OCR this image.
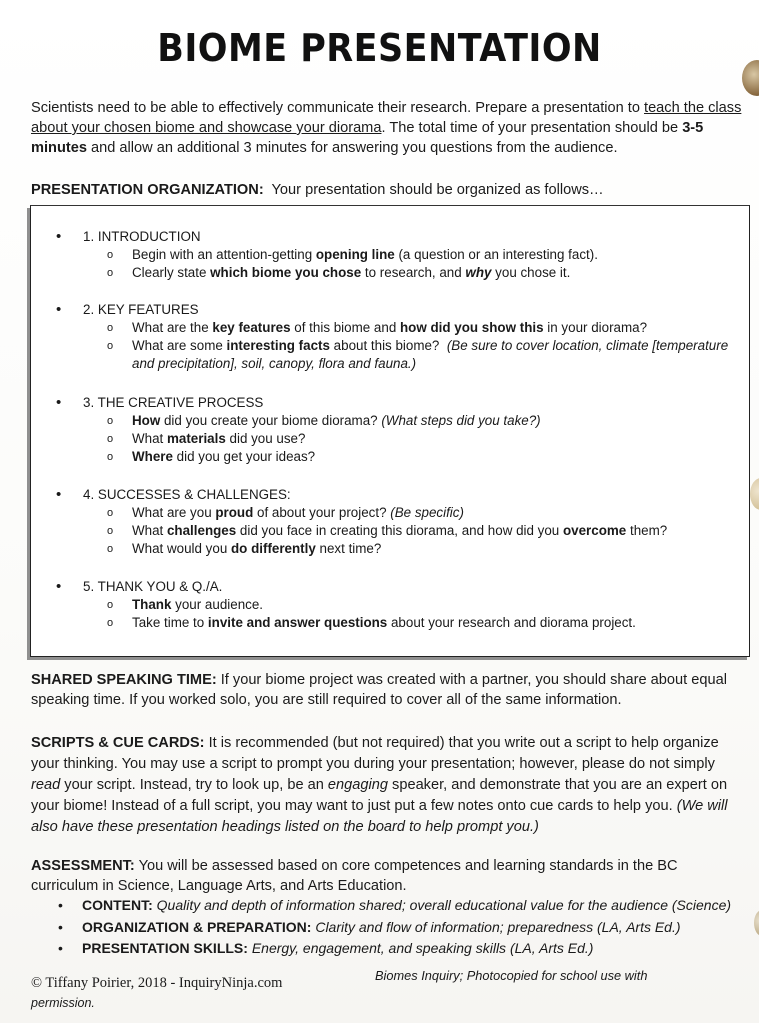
BIOME PRESENTATION
Scientists need to be able to effectively communicate their research. Prepare a presentation to teach the class about your chosen biome and showcase your diorama. The total time of your presentation should be 3-5 minutes and allow an additional 3 minutes for answering you questions from the audience.
PRESENTATION ORGANIZATION:  Your presentation should be organized as follows…
• 1. INTRODUCTION
o Begin with an attention-getting opening line (a question or an interesting fact).
o Clearly state which biome you chose to research, and why you chose it.
• 2. KEY FEATURES
o What are the key features of this biome and how did you show this in your diorama?
o What are some interesting facts about this biome?  (Be sure to cover location, climate [temperature and precipitation], soil, canopy, flora and fauna.)
• 3. THE CREATIVE PROCESS
o How did you create your biome diorama? (What steps did you take?)
o What materials did you use?
o Where did you get your ideas?
• 4. SUCCESSES & CHALLENGES:
o What are you proud of about your project? (Be specific)
o What challenges did you face in creating this diorama, and how did you overcome them?
o What would you do differently next time?
• 5. THANK YOU & Q./A.
o Thank your audience.
o Take time to invite and answer questions about your research and diorama project.
SHARED SPEAKING TIME: If your biome project was created with a partner, you should share about equal speaking time. If you worked solo, you are still required to cover all of the same information.
SCRIPTS & CUE CARDS: It is recommended (but not required) that you write out a script to help organize your thinking. You may use a script to prompt you during your presentation; however, please do not simply read your script. Instead, try to look up, be an engaging speaker, and demonstrate that you are an expert on your biome! Instead of a full script, you may want to just put a few notes onto cue cards to help you. (We will also have these presentation headings listed on the board to help prompt you.)
ASSESSMENT: You will be assessed based on core competences and learning standards in the BC curriculum in Science, Language Arts, and Arts Education.
• CONTENT: Quality and depth of information shared; overall educational value for the audience (Science)
• ORGANIZATION & PREPARATION: Clarity and flow of information; preparedness (LA, Arts Ed.)
• PRESENTATION SKILLS: Energy, engagement, and speaking skills (LA, Arts Ed.)
© Tiffany Poirier, 2018 - InquiryNinja.com
permission.
Biomes Inquiry; Photocopied for school use with
